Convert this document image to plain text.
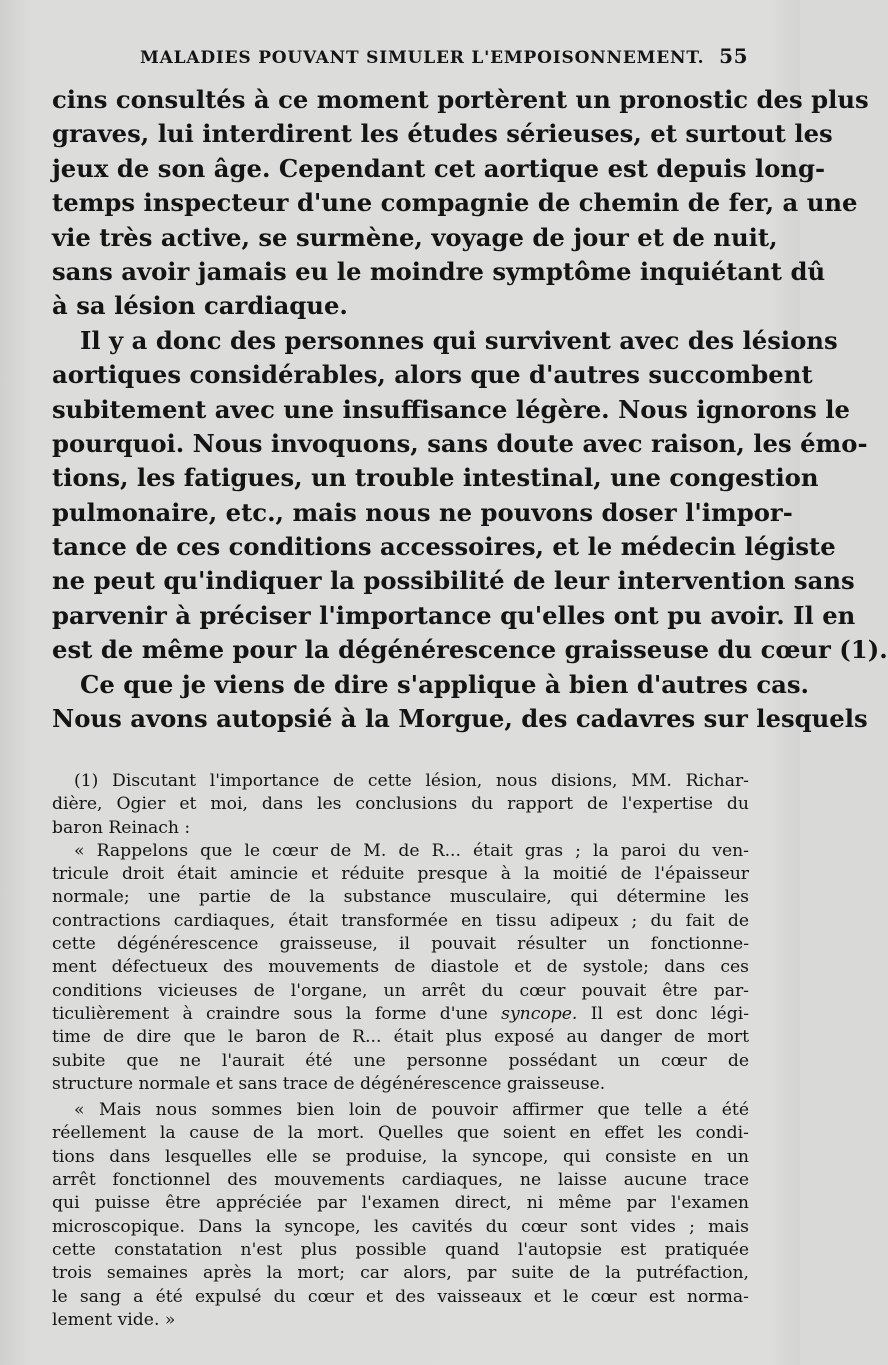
MALADIES POUVANT SIMULER L'EMPOISONNEMENT. 55
cins consultés à ce moment portèrent un pronostic des plus
graves, lui interdirent les études sérieuses, et surtout les
jeux de son âge. Cependant cet aortique est depuis long-
temps inspecteur d'une compagnie de chemin de fer, a une
vie très active, se surmène, voyage de jour et de nuit,
sans avoir jamais eu le moindre symptôme inquiétant dû
à sa lésion cardiaque.
Il y a donc des personnes qui survivent avec des lésions
aortiques considérables, alors que d'autres succombent
subitement avec une insuffisance légère. Nous ignorons le
pourquoi. Nous invoquons, sans doute avec raison, les émo-
tions, les fatigues, un trouble intestinal, une congestion
pulmonaire, etc., mais nous ne pouvons doser l'impor-
tance de ces conditions accessoires, et le médecin légiste
ne peut qu'indiquer la possibilité de leur intervention sans
parvenir à préciser l'importance qu'elles ont pu avoir. Il en
est de même pour la dégénérescence graisseuse du cœur (1).
Ce que je viens de dire s'applique à bien d'autres cas.
Nous avons autopsié à la Morgue, des cadavres sur lesquels
(1) Discutant l'importance de cette lésion, nous disions, MM. Richar-
dière, Ogier et moi, dans les conclusions du rapport de l'expertise du
baron Reinach :
« Rappelons que le cœur de M. de R... était gras ; la paroi du ven-
tricule droit était amincie et réduite presque à la moitié de l'épaisseur
normale; une partie de la substance musculaire, qui détermine les
contractions cardiaques, était transformée en tissu adipeux ; du fait de
cette dégénérescence graisseuse, il pouvait résulter un fonctionne-
ment défectueux des mouvements de diastole et de systole; dans ces
conditions vicieuses de l'organe, un arrêt du cœur pouvait être par-
ticulièrement à craindre sous la forme d'une syncope. Il est donc légi-
time de dire que le baron de R... était plus exposé au danger de mort
subite que ne l'aurait été une personne possédant un cœur de
structure normale et sans trace de dégénérescence graisseuse.
« Mais nous sommes bien loin de pouvoir affirmer que telle a été
réellement la cause de la mort. Quelles que soient en effet les condi-
tions dans lesquelles elle se produise, la syncope, qui consiste en un
arrêt fonctionnel des mouvements cardiaques, ne laisse aucune trace
qui puisse être appréciée par l'examen direct, ni même par l'examen
microscopique. Dans la syncope, les cavités du cœur sont vides ; mais
cette constatation n'est plus possible quand l'autopsie est pratiquée
trois semaines après la mort; car alors, par suite de la putréfaction,
le sang a été expulsé du cœur et des vaisseaux et le cœur est norma-
lement vide. »
